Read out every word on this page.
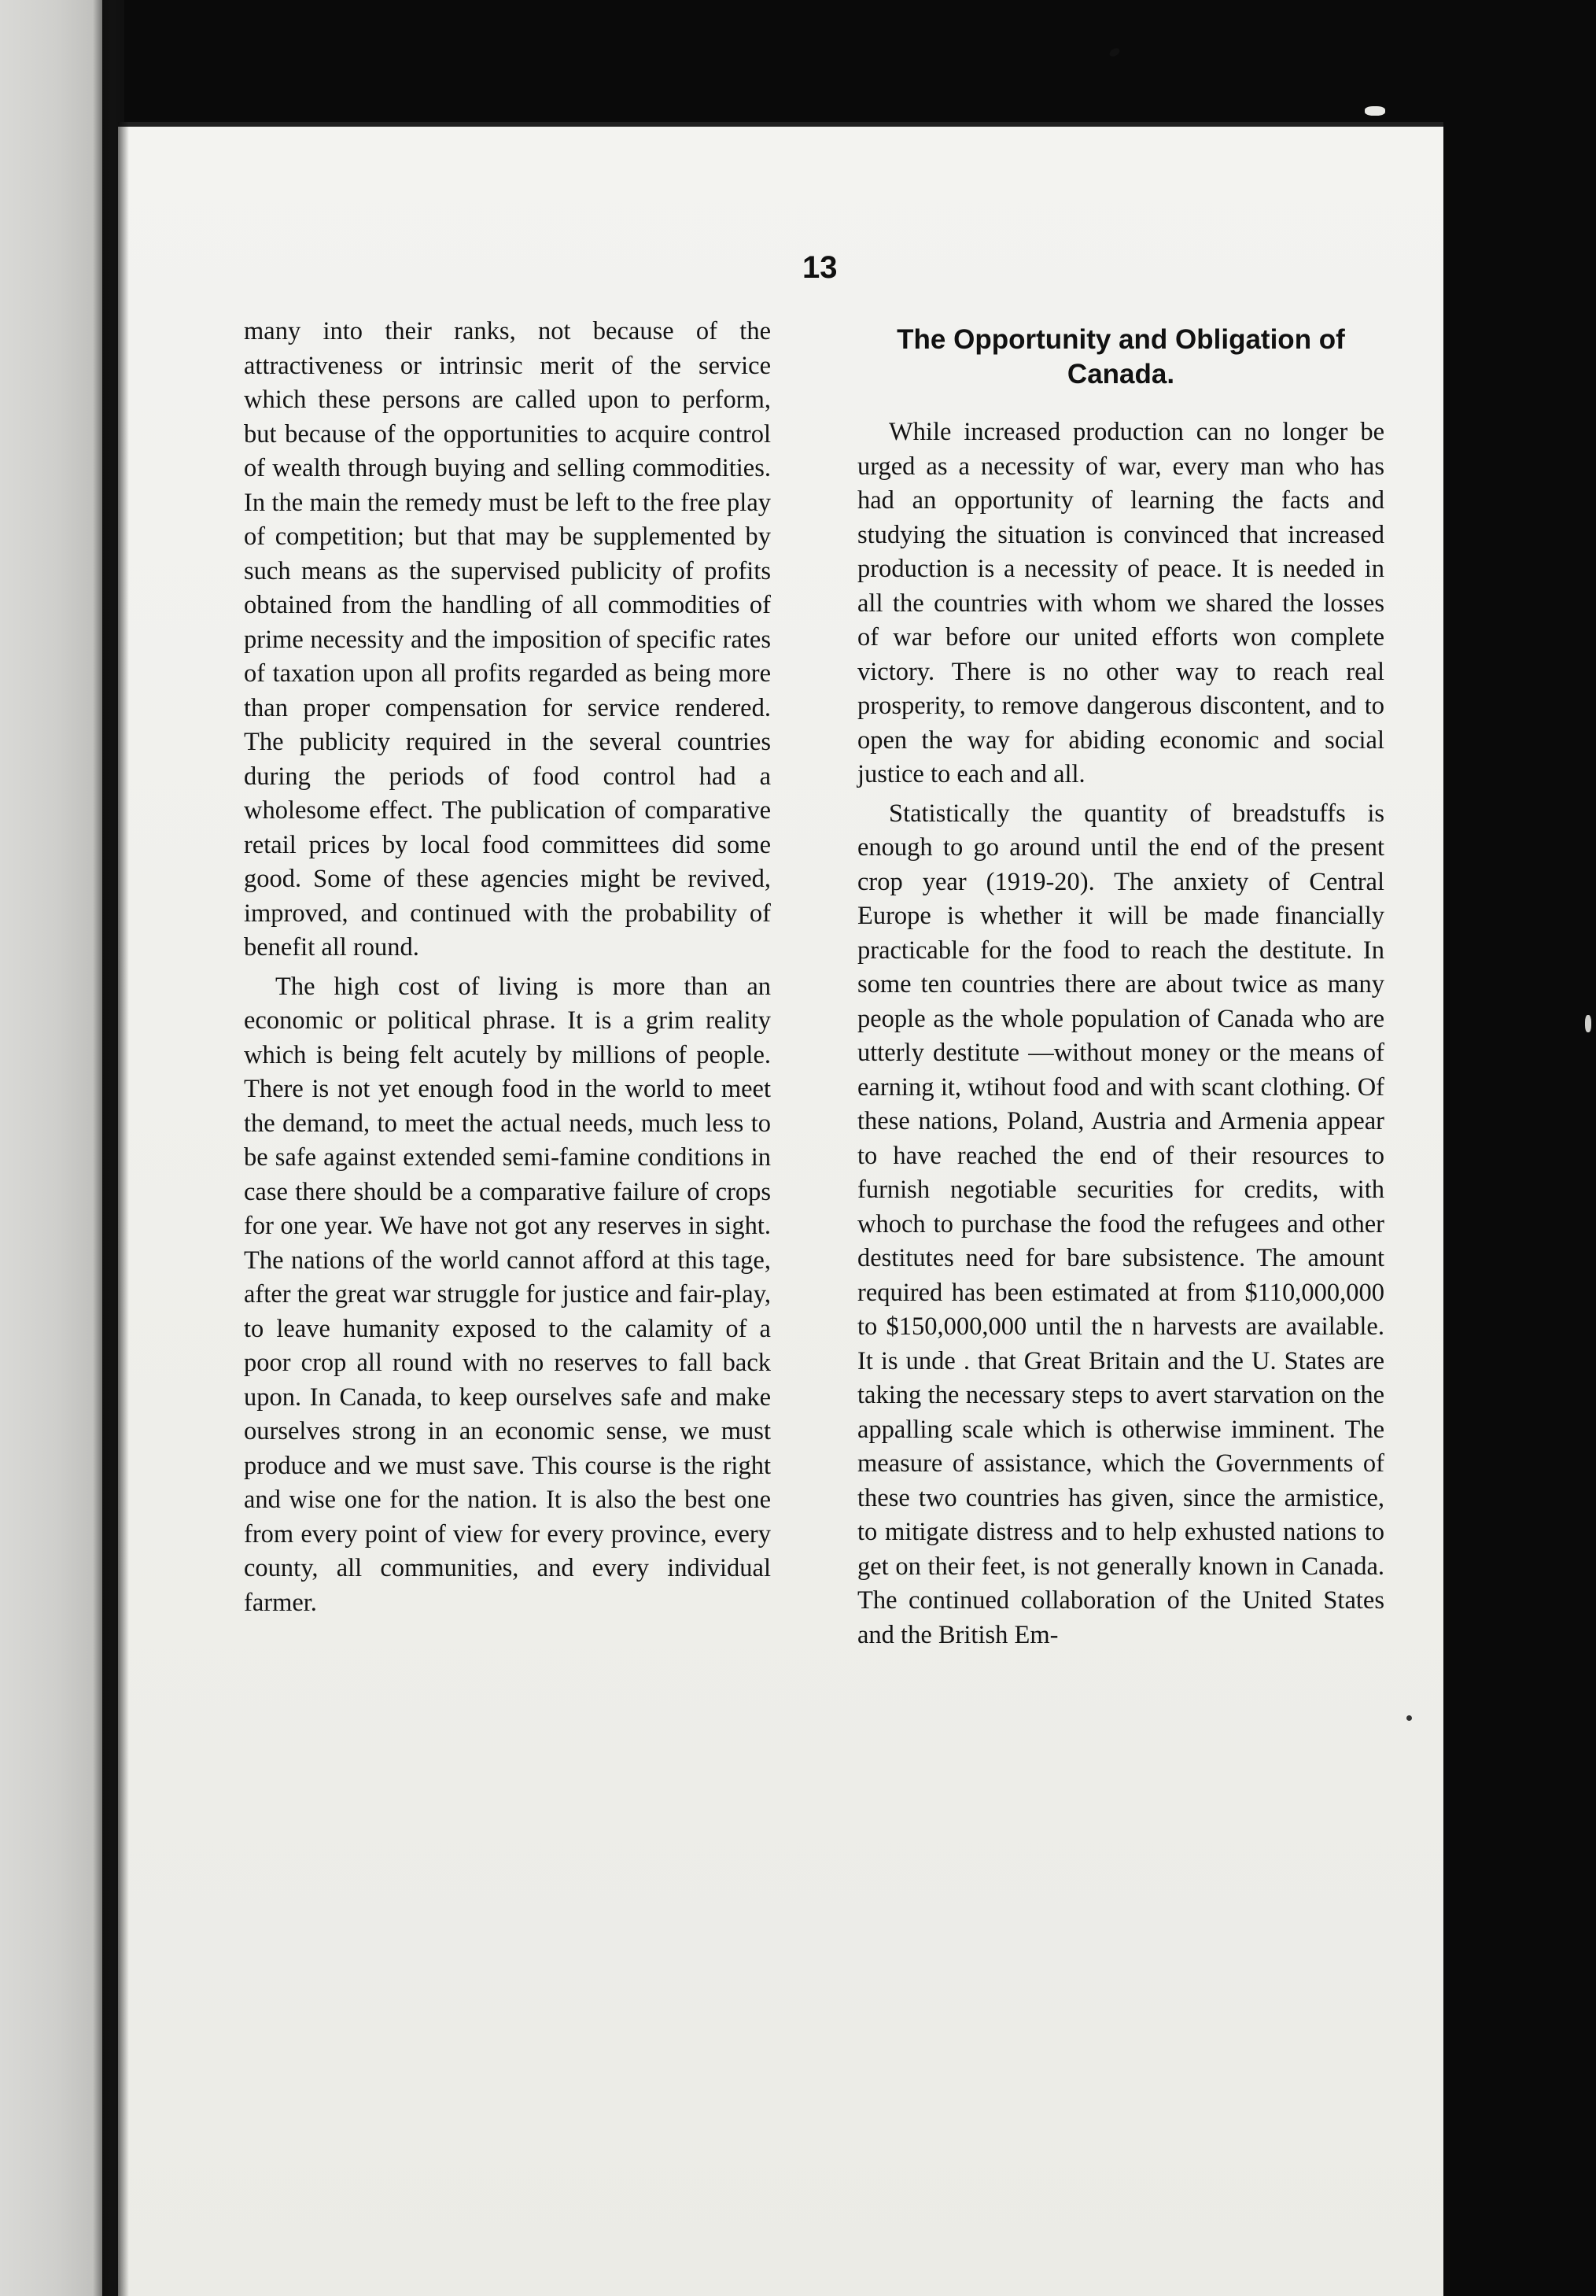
13

many into their ranks, not because of the attractiveness or intrinsic merit of the service which these persons are called upon to perform, but because of the opportunities to acquire control of wealth through buying and selling commodities. In the main the remedy must be left to the free play of competition; but that may be supplemented by such means as the supervised publicity of profits obtained from the handling of all commodities of prime necessity and the imposition of specific rates of taxation upon all profits regarded as being more than proper compensation for service rendered. The publicity required in the several countries during the periods of food control had a wholesome effect. The publication of comparative retail prices by local food committees did some good. Some of these agencies might be revived, improved, and continued with the probability of benefit all round.

The high cost of living is more than an economic or political phrase. It is a grim reality which is being felt acutely by millions of people. There is not yet enough food in the world to meet the demand, to meet the actual needs, much less to be safe against extended semi-famine conditions in case there should be a comparative failure of crops for one year. We have not got any reserves in sight. The nations of the world cannot afford at this tage, after the great war struggle for justice and fair-play, to leave humanity exposed to the calamity of a poor crop all round with no reserves to fall back upon. In Canada, to keep ourselves safe and make ourselves strong in an economic sense, we must produce and we must save. This course is the right and wise one for the nation. It is also the best one from every point of view for every province, every county, all communities, and every individual farmer.

The Opportunity and Obligation of Canada.

While increased production can no longer be urged as a necessity of war, every man who has had an opportunity of learning the facts and studying the situation is convinced that increased production is a necessity of peace. It is needed in all the countries with whom we shared the losses of war before our united efforts won complete victory. There is no other way to reach real prosperity, to remove dangerous discontent, and to open the way for abiding economic and social justice to each and all.

Statistically the quantity of breadstuffs is enough to go around until the end of the present crop year (1919-20). The anxiety of Central Europe is whether it will be made financially practicable for the food to reach the destitute. In some ten countries there are about twice as many people as the whole population of Canada who are utterly destitute —without money or the means of earning it, wtihout food and with scant clothing. Of these nations, Poland, Austria and Armenia appear to have reached the end of their resources to furnish negotiable securities for credits, with whoch to purchase the food the refugees and other destitutes need for bare subsistence. The amount required has been estimated at from $110,000,000 to $150,000,000 until the n harvests are available. It is unde . that Great Britain and the U. States are taking the necessary steps to avert starvation on the appalling scale which is otherwise imminent. The measure of assistance, which the Governments of these two countries has given, since the armistice, to mitigate distress and to help exhusted nations to get on their feet, is not generally known in Canada. The continued collaboration of the United States and the British Em-
